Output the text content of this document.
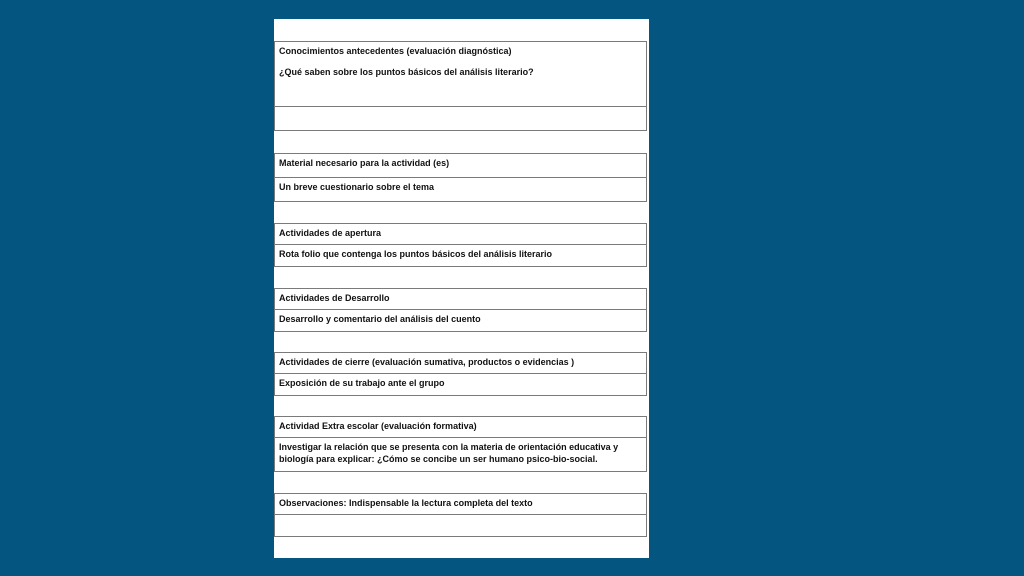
Conocimientos antecedentes (evaluación diagnóstica)

¿Qué saben sobre los puntos básicos del análisis literario?

Material necesario para la actividad (es)

Un breve cuestionario sobre el tema

Actividades de apertura

Rota folio que contenga los puntos básicos del análisis literario

Actividades de Desarrollo

Desarrollo y comentario del análisis del cuento

Actividades de cierre (evaluación sumativa, productos o evidencias )

Exposición de su trabajo ante el grupo

Actividad Extra escolar (evaluación formativa)

Investigar la relación que se presenta con la materia de orientación educativa y biología para explicar: ¿Cómo se concibe un ser humano psico-bio-social.

Observaciones: Indispensable la lectura completa del texto
